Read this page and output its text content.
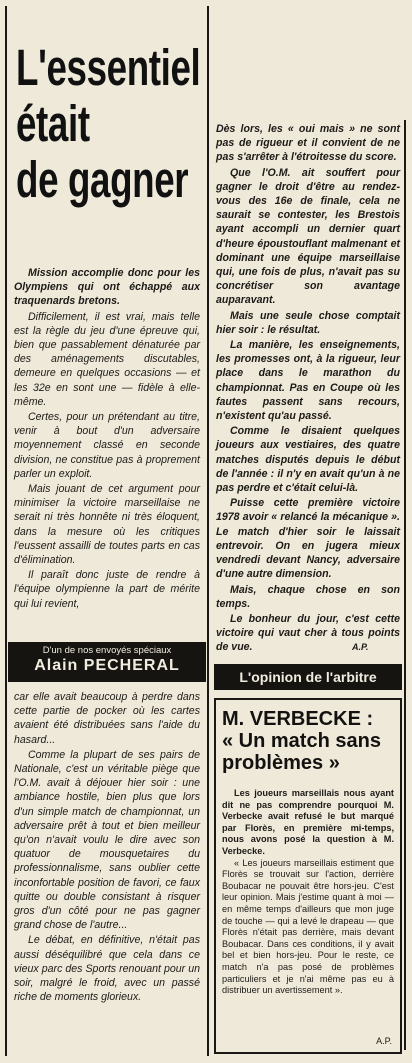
L'essentiel
était
de gagner

Mission accomplie donc pour les Olympiens qui ont échappé aux traquenards bretons.

Difficilement, il est vrai, mais telle est la règle du jeu d'une épreuve qui, bien que passablement dénaturée par des aménagements discutables, demeure en quelques occasions — et les 32e en sont une — fidèle à elle-même.

Certes, pour un prétendant au titre, venir à bout d'un adversaire moyennement classé en seconde division, ne constitue pas à proprement parler un exploit.

Mais jouant de cet argument pour minimiser la victoire marseillaise ne serait ni très honnête ni très éloquent, dans la mesure où les critiques l'eussent assailli de toutes parts en cas d'élimination.

Il paraît donc juste de rendre à l'équipe olympienne la part de mérite qui lui revient,

D'un de nos envoyés spéciaux
Alain PECHERAL

car elle avait beaucoup à perdre dans cette partie de pocker où les cartes avaient été distribuées sans l'aide du hasard...

Comme la plupart de ses pairs de Nationale, c'est un véritable piège que l'O.M. avait à déjouer hier soir : une ambiance hostile, bien plus que lors d'un simple match de championnat, un adversaire prêt à tout et bien meilleur qu'on n'avait voulu le dire avec son quatuor de mousquetaires du professionnalisme, sans oublier cette inconfortable position de favori, ce faux quitte ou double consistant à risquer gros d'un côté pour ne pas gagner grand chose de l'autre...

Le débat, en définitive, n'était pas aussi déséquilibré que cela dans ce vieux parc des Sports renouant pour un soir, malgré le froid, avec un passé riche de moments glorieux.

Dès lors, les « oui mais » ne sont pas de rigueur et il convient de ne pas s'arrêter à l'étroitesse du score.

Que l'O.M. ait souffert pour gagner le droit d'être au rendez-vous des 16e de finale, cela ne saurait se contester, les Brestois ayant accompli un dernier quart d'heure époustouflant malmenant et dominant une équipe marseillaise qui, une fois de plus, n'avait pas su concrétiser son avantage auparavant.

Mais une seule chose comptait hier soir : le résultat.

La manière, les enseignements, les promesses ont, à la rigueur, leur place dans le marathon du championnat. Pas en Coupe où les fautes passent sans recours, n'existent qu'au passé.

Comme le disaient quelques joueurs aux vestiaires, des quatre matches disputés depuis le début de l'année : il n'y en avait qu'un à ne pas perdre et c'était celui-là.

Puisse cette première victoire 1978 avoir « relancé la mécanique ». Le match d'hier soir le laissait entrevoir. On en jugera mieux vendredi devant Nancy, adversaire d'une autre dimension.

Mais, chaque chose en son temps.

Le bonheur du jour, c'est cette victoire qui vaut cher à tous points de vue.	A.P.
L'opinion de l'arbitre

M. VERBECKE :

« Un match sans

problèmes »

Les joueurs marseillais nous ayant dit ne pas comprendre pourquoi M. Verbecke avait refusé le but marqué par Florès, en première mi-temps, nous avons posé la question à M. Verbecke.

« Les joueurs marseillais estiment que Florès se trouvait sur l'action, derrière Boubacar ne pouvait être hors-jeu. C'est leur opinion. Mais j'estime quant à moi — en même temps d'ailleurs que mon juge de touche — qui a levé le drapeau — que Florès n'était pas derrière, mais devant Boubacar. Dans ces conditions, il y avait bel et bien hors-jeu. Pour le reste, ce match n'a pas posé de problèmes particuliers et je n'ai même pas eu à distribuer un avertissement ».

A.P.
